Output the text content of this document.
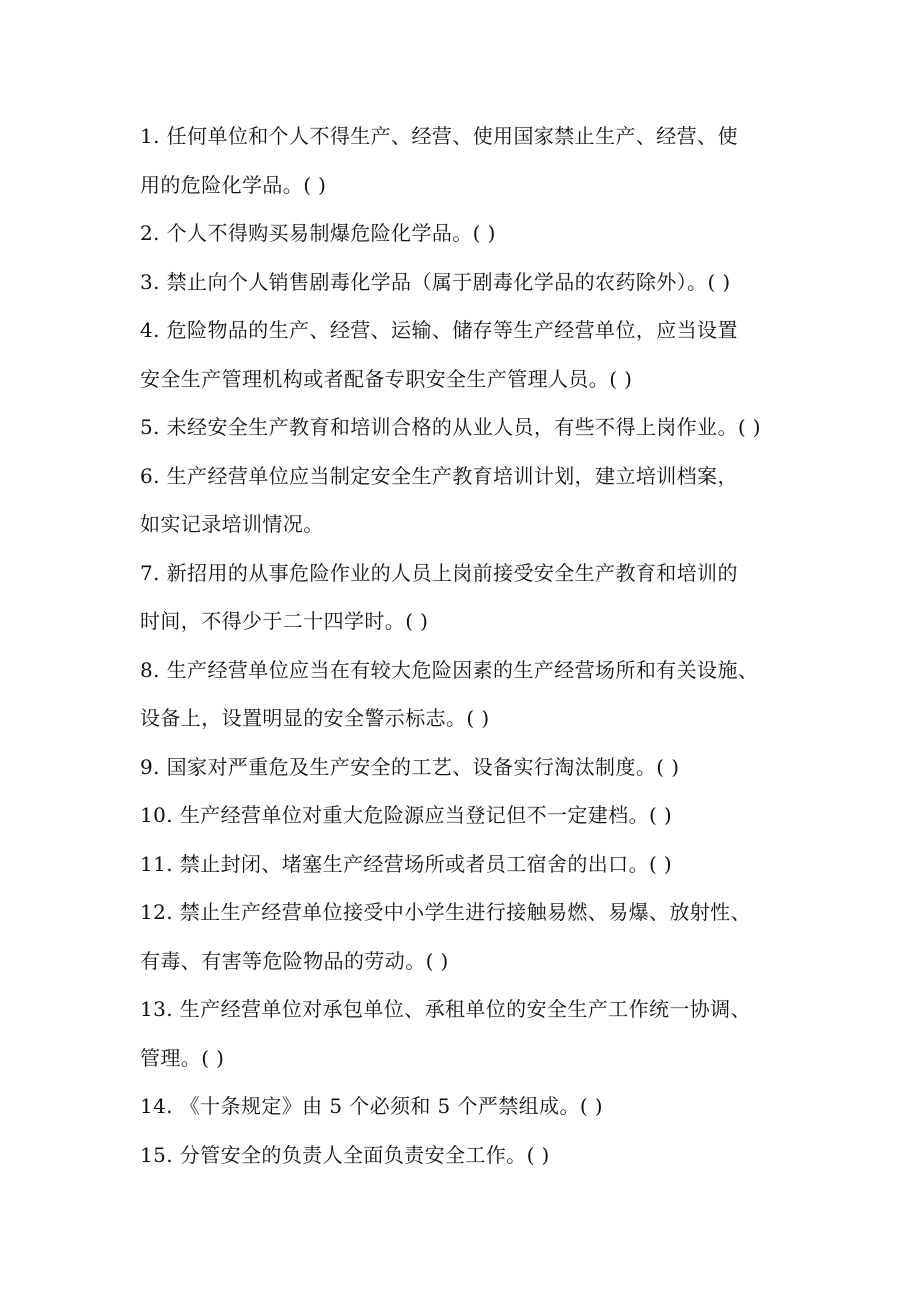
1. 任何单位和个人不得生产、经营、使用国家禁止生产、经营、使
用的危险化学品。( )
2. 个人不得购买易制爆危险化学品。( )
3. 禁止向个人销售剧毒化学品（属于剧毒化学品的农药除外）。( )
4. 危险物品的生产、经营、运输、储存等生产经营单位，应当设置
安全生产管理机构或者配备专职安全生产管理人员。( )
5. 未经安全生产教育和培训合格的从业人员，有些不得上岗作业。( )
6. 生产经营单位应当制定安全生产教育培训计划，建立培训档案，
如实记录培训情况。
7. 新招用的从事危险作业的人员上岗前接受安全生产教育和培训的
时间，不得少于二十四学时。( )
8. 生产经营单位应当在有较大危险因素的生产经营场所和有关设施、
设备上，设置明显的安全警示标志。( )
9. 国家对严重危及生产安全的工艺、设备实行淘汰制度。( )
10. 生产经营单位对重大危险源应当登记但不一定建档。( )
11. 禁止封闭、堵塞生产经营场所或者员工宿舍的出口。( )
12. 禁止生产经营单位接受中小学生进行接触易燃、易爆、放射性、
有毒、有害等危险物品的劳动。( )
13. 生产经营单位对承包单位、承租单位的安全生产工作统一协调、
管理。( )
14. 《十条规定》由 5 个必须和 5 个严禁组成。( )
15. 分管安全的负责人全面负责安全工作。( )
